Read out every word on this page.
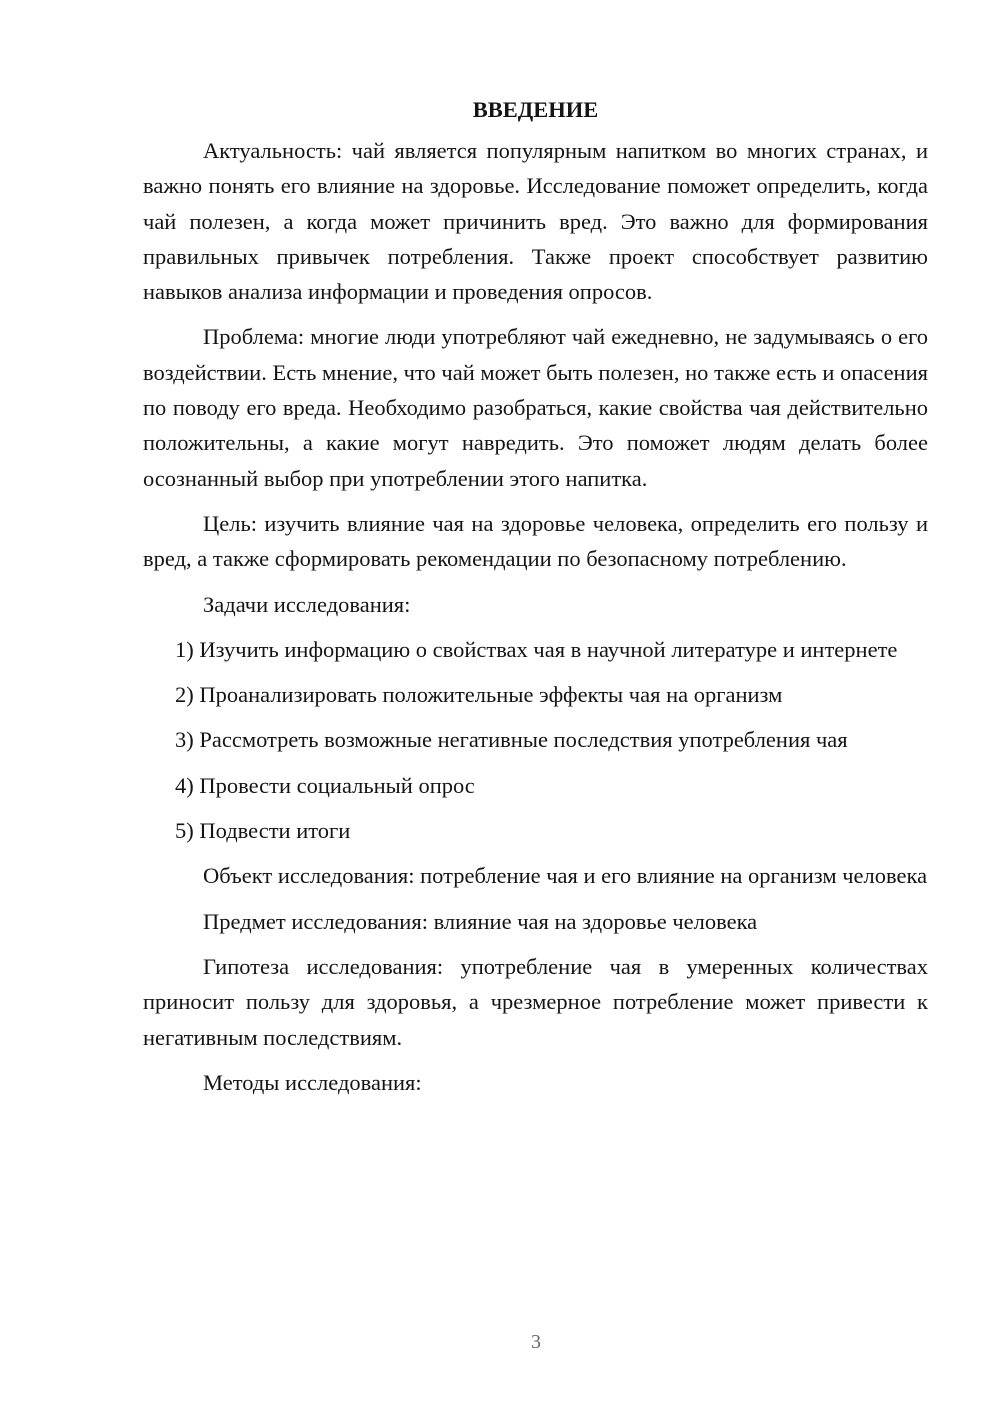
ВВЕДЕНИЕ

Актуальность: чай является популярным напитком во многих странах, и важно понять его влияние на здоровье. Исследование поможет определить, когда чай полезен, а когда может причинить вред. Это важно для формирования правильных привычек потребления. Также проект способствует развитию навыков анализа информации и проведения опросов.

Проблема: многие люди употребляют чай ежедневно, не задумываясь о его воздействии. Есть мнение, что чай может быть полезен, но также есть и опасения по поводу его вреда. Необходимо разобраться, какие свойства чая действительно положительны, а какие могут навредить. Это поможет людям делать более осознанный выбор при употреблении этого напитка.

Цель: изучить влияние чая на здоровье человека, определить его пользу и вред, а также сформировать рекомендации по безопасному потреблению.

Задачи исследования:

1) Изучить информацию о свойствах чая в научной литературе и интернете

2) Проанализировать положительные эффекты чая на организм

3) Рассмотреть возможные негативные последствия употребления чая

4) Провести социальный опрос

5) Подвести итоги

Объект исследования: потребление чая и его влияние на организм человека

Предмет исследования: влияние чая на здоровье человека

Гипотеза исследования: употребление чая в умеренных количествах приносит пользу для здоровья, а чрезмерное потребление может привести к негативным последствиям.

Методы исследования:

3
